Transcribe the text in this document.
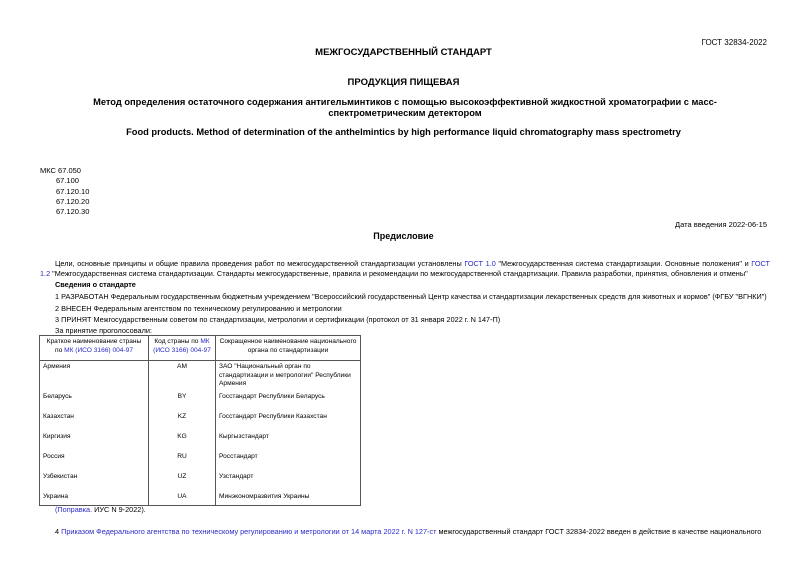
ГОСТ 32834-2022
МЕЖГОСУДАРСТВЕННЫЙ СТАНДАРТ
ПРОДУКЦИЯ ПИЩЕВАЯ
Метод определения остаточного содержания антигельминтиков с помощью высокоэффективной жидкостной хроматографии с масс-спектрометрическим детектором
Food products. Method of determination of the anthelmintics by high performance liquid chromatography mass spectrometry
МКС 67.050
67.100
67.120.10
67.120.20
67.120.30
Дата введения 2022-06-15
Предисловие
Цели, основные принципы и общие правила проведения работ по межгосударственной стандартизации установлены ГОСТ 1.0 "Межгосударственная система стандартизации. Основные положения" и ГОСТ 1.2 "Межгосударственная система стандартизации. Стандарты межгосударственные, правила и рекомендации по межгосударственной стандартизации. Правила разработки, принятия, обновления и отмены"
Сведения о стандарте
1 РАЗРАБОТАН Федеральным государственным бюджетным учреждением "Всероссийский государственный Центр качества и стандартизации лекарственных средств для животных и кормов" (ФГБУ "ВГНКИ")
2 ВНЕСЕН Федеральным агентством по техническому регулированию и метрологии
3 ПРИНЯТ Межгосударственным советом по стандартизации, метрологии и сертификации (протокол от 31 января 2022 г. N 147-П)
За принятие проголосовали:
Краткое наименование страны по МК (ИСО 3166) 004-97	Код страны по МК (ИСО 3166) 004-97	Сокращенное наименование национального органа по стандартизации
Армения	AM	ЗАО "Национальный орган по стандартизации и метрологии" Республики Армения
Беларусь	BY	Госстандарт Республики Беларусь
Казахстан	KZ	Госстандарт Республики Казахстан
Киргизия	KG	Кыргызстандарт
Россия	RU	Росстандарт
Узбекистан	UZ	Узстандарт
Украина	UA	Минэкономразвития Украины
(Поправка. ИУС N 9-2022).
4 Приказом Федерального агентства по техническому регулированию и метрологии от 14 марта 2022 г. N 127-ст межгосударственный стандарт ГОСТ 32834-2022 введен в действие в качестве национального
